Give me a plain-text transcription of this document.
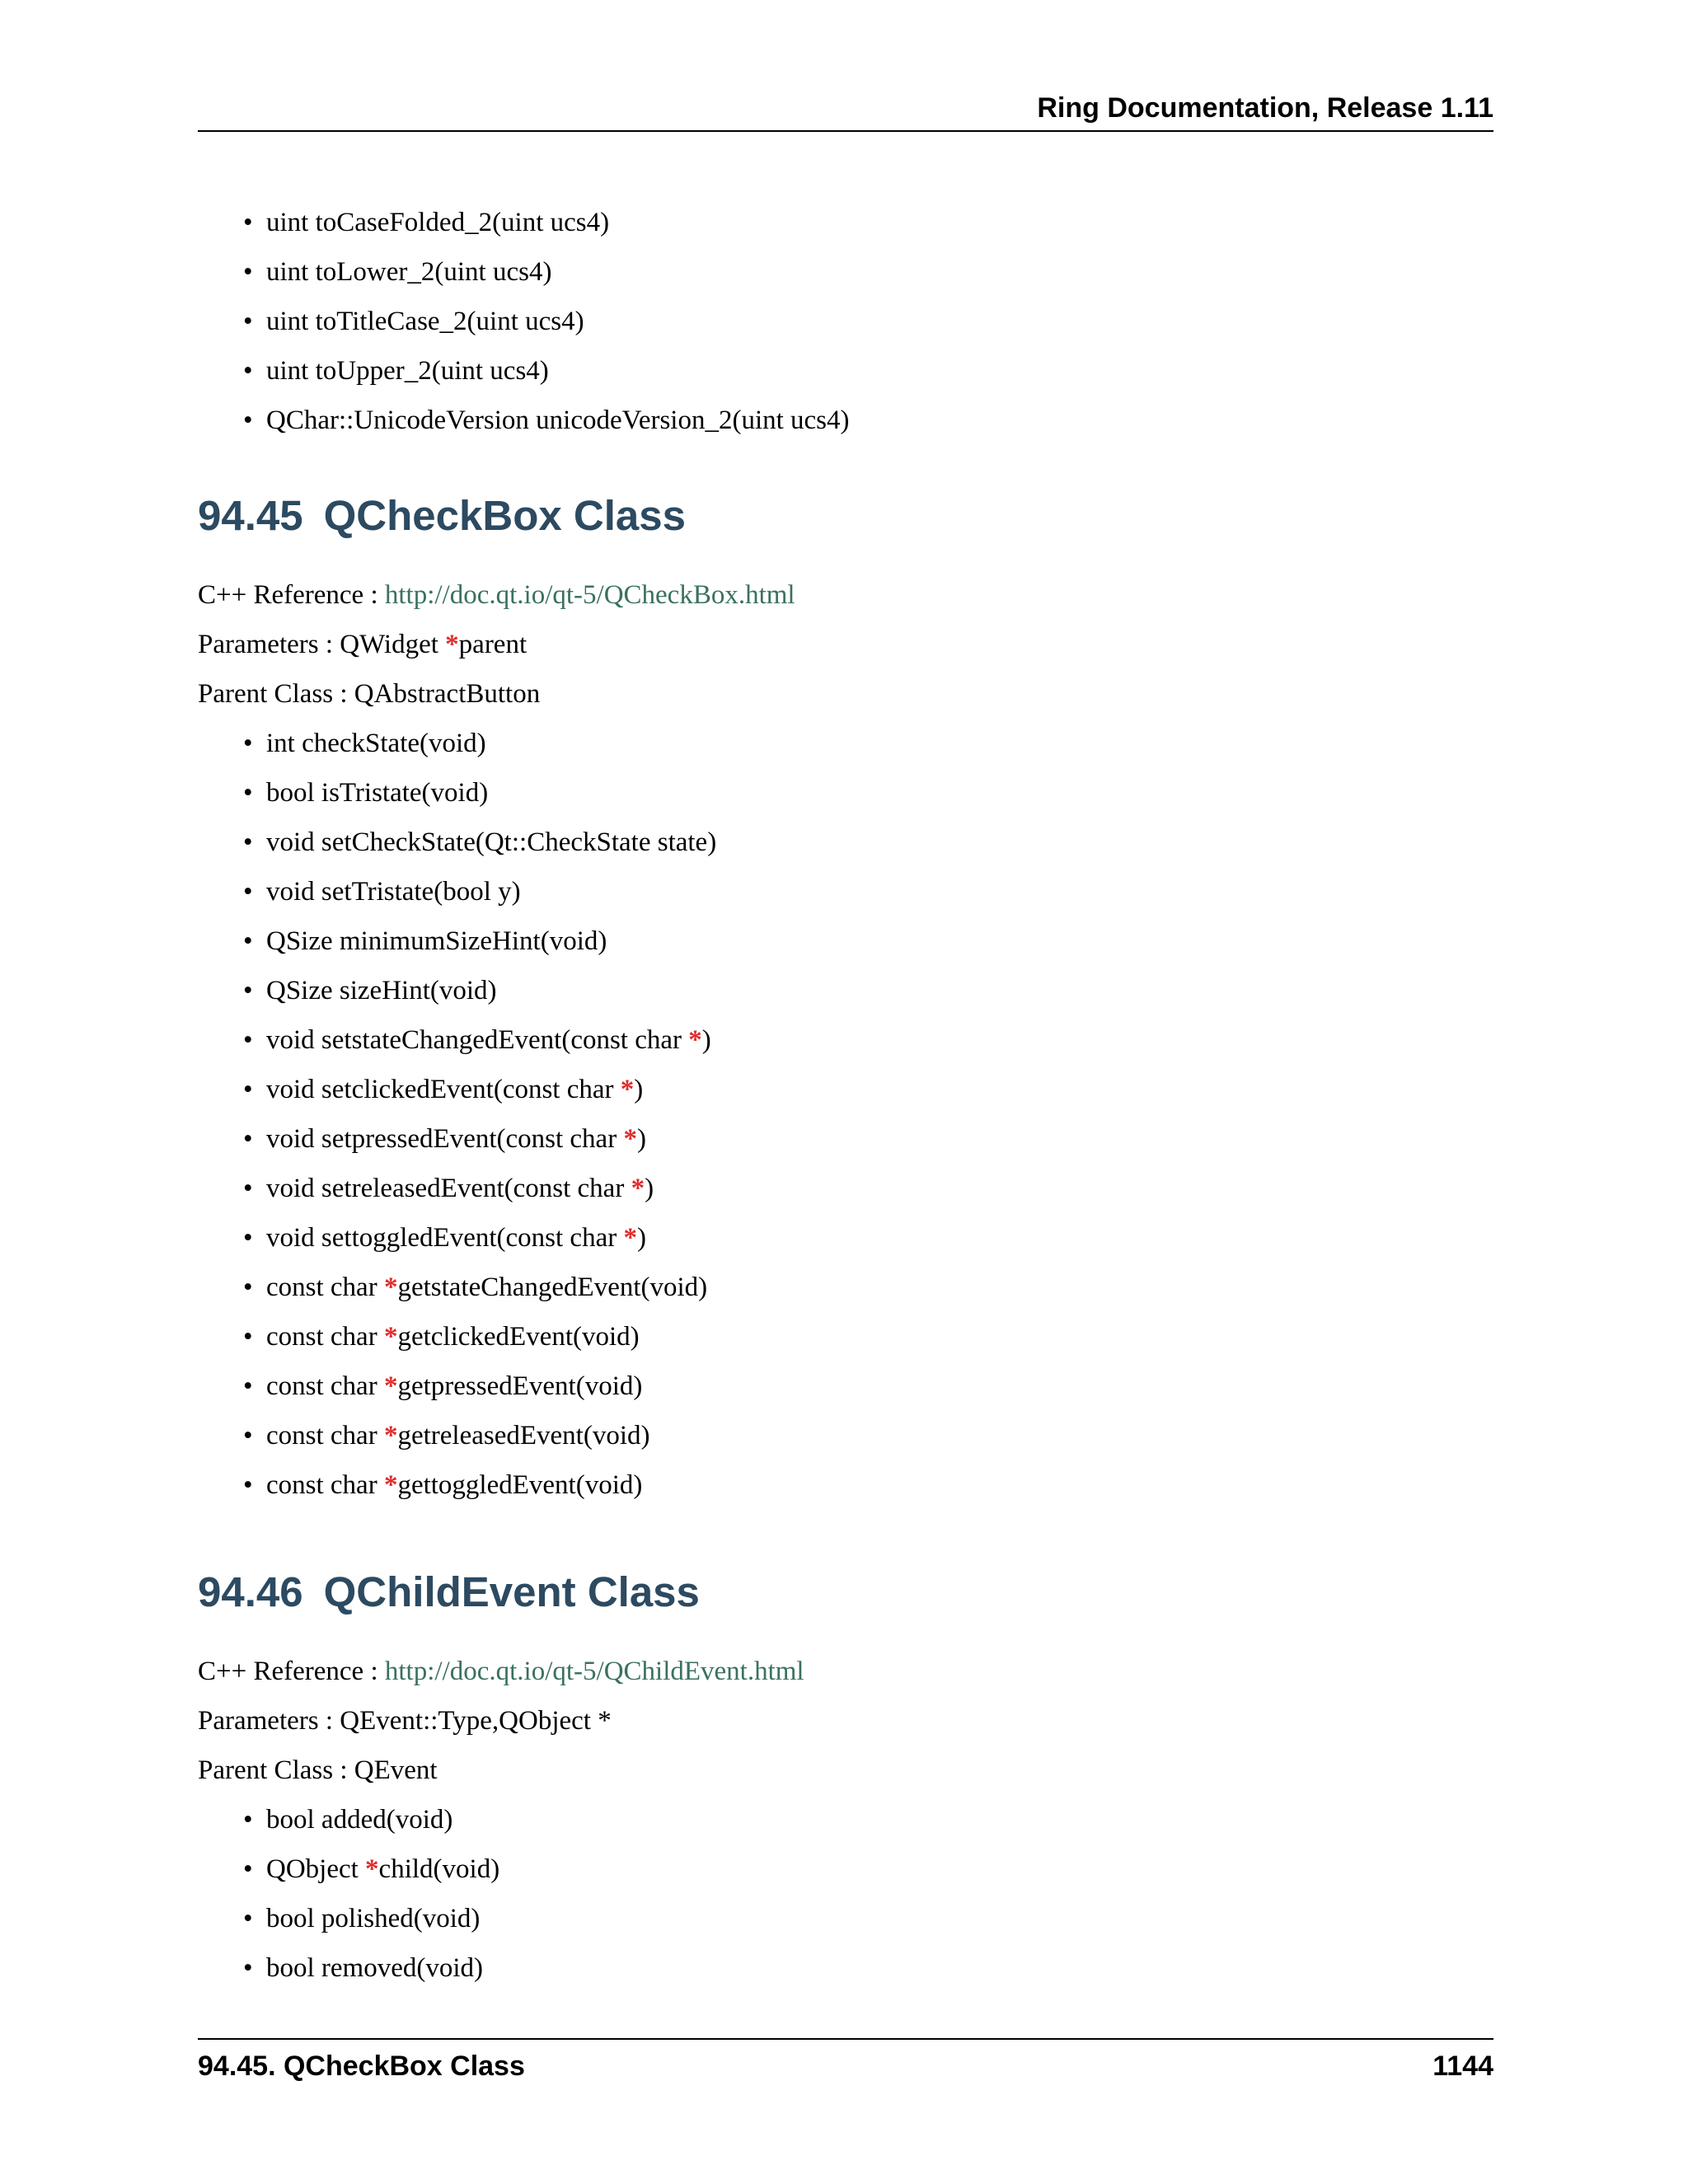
Ring Documentation, Release 1.11
• uint toCaseFolded_2(uint ucs4)
• uint toLower_2(uint ucs4)
• uint toTitleCase_2(uint ucs4)
• uint toUpper_2(uint ucs4)
• QChar::UnicodeVersion unicodeVersion_2(uint ucs4)
94.45 QCheckBox Class

C++ Reference : http://doc.qt.io/qt-5/QCheckBox.html

Parameters : QWidget *parent

Parent Class : QAbstractButton

• int checkState(void)
• bool isTristate(void)
• void setCheckState(Qt::CheckState state)
• void setTristate(bool y)
• QSize minimumSizeHint(void)
• QSize sizeHint(void)
• void setstateChangedEvent(const char *)
• void setclickedEvent(const char *)
• void setpressedEvent(const char *)
• void setreleasedEvent(const char *)
• void settoggledEvent(const char *)
• const char *getstateChangedEvent(void)
• const char *getclickedEvent(void)
• const char *getpressedEvent(void)
• const char *getreleasedEvent(void)
• const char *gettoggledEvent(void)
94.46 QChildEvent Class

C++ Reference : http://doc.qt.io/qt-5/QChildEvent.html

Parameters : QEvent::Type,QObject *

Parent Class : QEvent

• bool added(void)
• QObject *child(void)
• bool polished(void)
• bool removed(void)
94.45. QCheckBox Class	1144
